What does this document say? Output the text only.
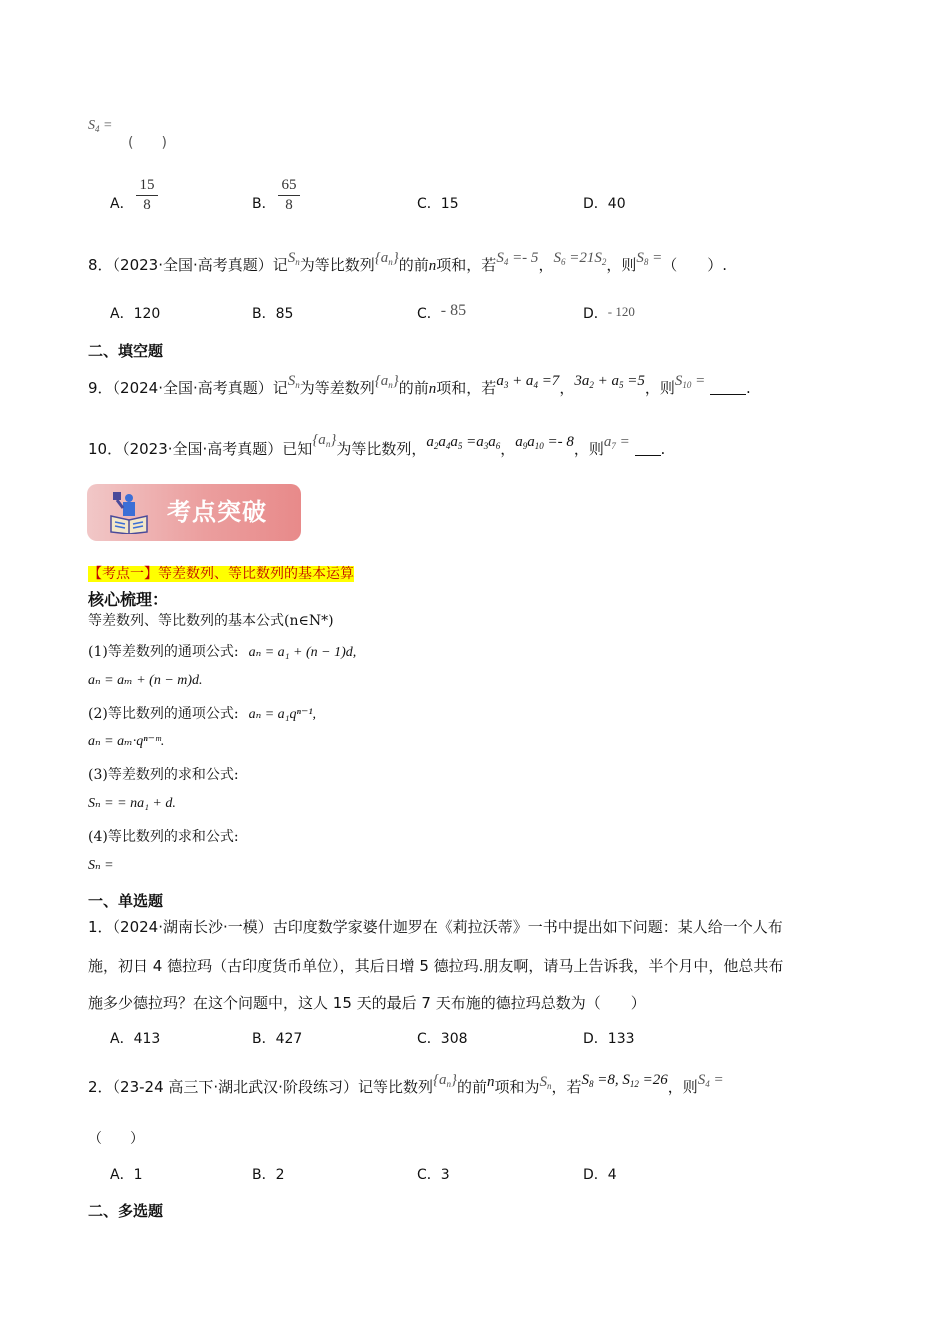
$S_4$ =
(　　)
A．
15
8	B．
65
8	C．15	D．40
8．（2023·全国·高考真题）记$S_n$为等比数列$\{a_n\}$的前n项和，若$S_4 =- 5$，$S_6 =21S_2$，则$S_8$ =（　　）.
A．120	B．85	C．- 85	D．- 120
二、填空题
9．（2024·全国·高考真题）记$S_n$为等差数列$\{a_n\}$的前n项和，若$a_3 + a_4 =7$，$3a_2 + a_5 =5$，则$S_{10}$ =	.
10．（2023·全国·高考真题）已知$\{a_n\}$为等比数列，$a_2a_4a_5 =a_3a_6$，$a_9a_{10} =- 8$，则$a_7$ = .
考点突破
【考点一】等差数列、等比数列的基本运算
核心梳理：
等差数列、等比数列的基本公式(n∈N*)
(1)等差数列的通项公式: aₙ = a₁ + (n − 1)d,
aₙ = aₘ + (n − m)d.
(2)等比数列的通项公式: aₙ = a₁qⁿ⁻¹,
aₙ = aₘ·qⁿ⁻ᵐ.
(3)等差数列的求和公式:
Sₙ = = na₁ + d.
(4)等比数列的求和公式:
Sₙ =
一、单选题
1．（2024·湖南长沙·一模）古印度数学家婆什迦罗在《莉拉沃蒂》一书中提出如下问题：某人给一个人布
施，初日 4 德拉玛（古印度货币单位），其后日增 5 德拉玛.朋友啊，请马上告诉我，半个月中，他总共布
施多少德拉玛？在这个问题中，这人 15 天的最后 7 天布施的德拉玛总数为（　　）
A．413	B．427	C．308	D．133
2．（23-24 高三下·湖北武汉·阶段练习）记等比数列$\{a_n\}$的前n项和为$S_n$，若$S_8 =8$, $S_{12} =26$，则$S_4$ =
（　　）
A．1	B．2	C．3	D．4
二、多选题
